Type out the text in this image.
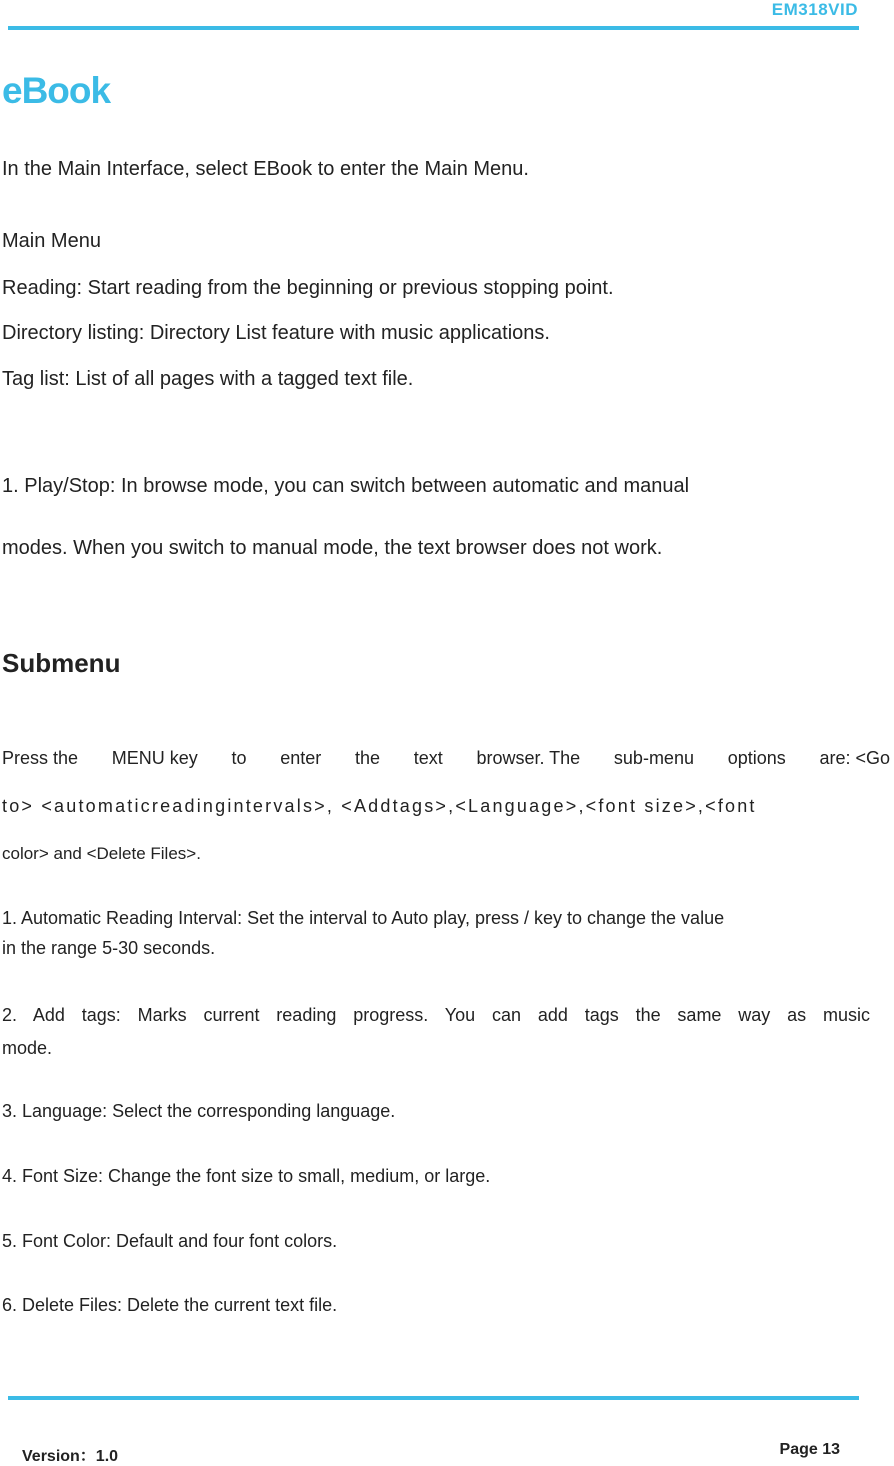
EM318VID
eBook
In the Main Interface, select EBook to enter the Main Menu.
Main Menu
Reading: Start reading from the beginning or previous stopping point.
Directory listing: Directory List feature with music applications.
Tag list: List of all pages with a tagged text file.
1. Play/Stop: In browse mode, you can switch between automatic and manual
modes. When you switch to manual mode, the text browser does not work.
Submenu
Press the MENU key to enter the text browser. The sub-menu options are: <Go
to> <automaticreadingintervals>, <Addtags>,<Language>,<font size>,<font
color> and <Delete Files>.
1. Automatic Reading Interval: Set the interval to Auto play, press / key to change the value
in the range 5-30 seconds.
2. Add tags: Marks current reading progress. You can add tags the same way as music
mode.
3. Language: Select the corresponding language.
4. Font Size: Change the font size to small, medium, or large.
5. Font Color: Default and four font colors.
6. Delete Files: Delete the current text file.
Version：1.0	Page 13
